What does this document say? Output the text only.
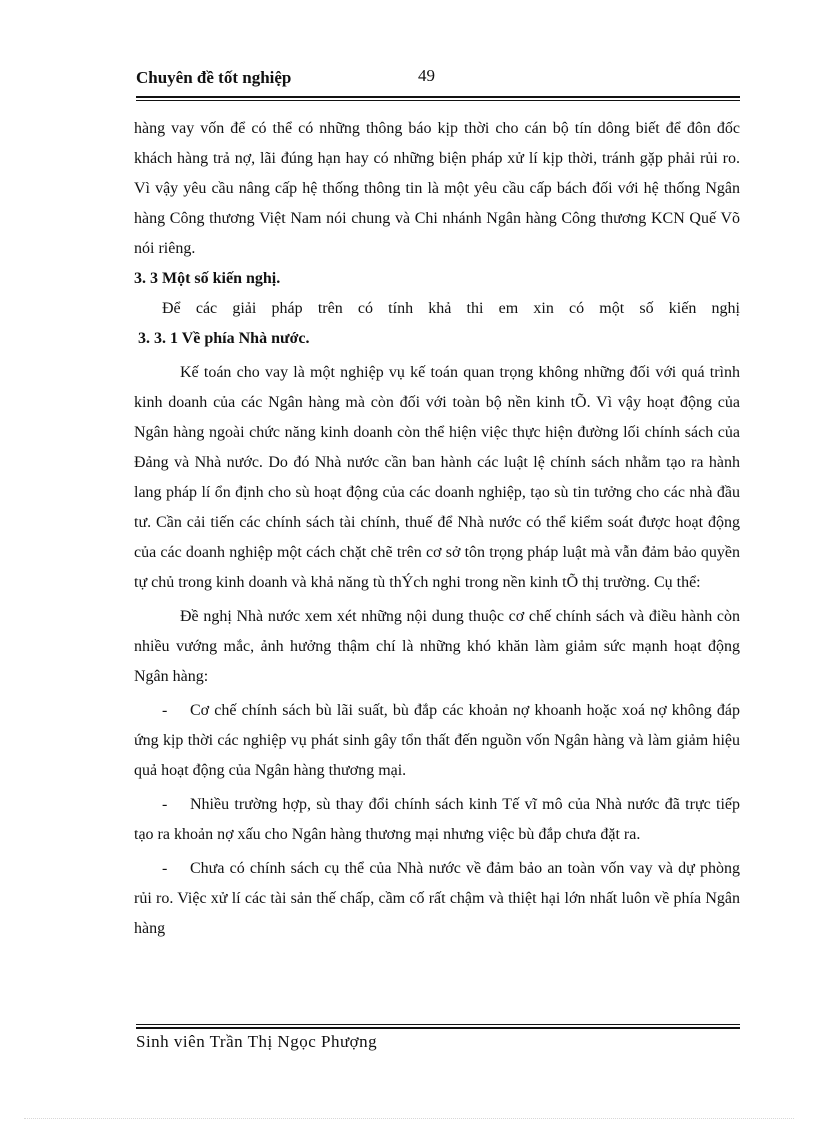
Chuyên đề tốt nghiệp	49

hàng vay vốn để có thể có những thông báo kịp thời cho cán bộ tín dông biết để đôn đốc khách hàng trả nợ, lãi đúng hạn hay có những biện pháp xử lí kịp thời, tránh gặp phải rủi ro. Vì vậy yêu cầu nâng cấp hệ thống thông tin là một yêu cầu cấp bách đối với hệ thống Ngân hàng Công thương Việt Nam nói chung và Chi nhánh Ngân hàng Công thương KCN Quế Võ nói riêng.

3. 3 Một số kiến nghị.

Để các giải pháp trên có tính khả thi em xin có một số kiến nghị

3. 3. 1 Về phía Nhà nước.

Kế toán cho vay là một nghiệp vụ kế toán quan trọng không những đối với quá trình kinh doanh của các Ngân hàng mà còn đối với toàn bộ nền kinh tÕ. Vì vậy hoạt động của Ngân hàng ngoài chức năng kinh doanh còn thể hiện việc thực hiện đường lối chính sách của Đảng và Nhà nước. Do đó Nhà nước cần ban hành các luật lệ chính sách nhằm tạo ra hành lang pháp lí ổn định cho sù hoạt động của các doanh nghiệp, tạo sù tin tưởng cho các nhà đầu tư. Cần cải tiến các chính sách tài chính, thuế để Nhà nước có thể kiểm soát được hoạt động của các doanh nghiệp một cách chặt chẽ trên cơ sở tôn trọng pháp luật mà vẫn đảm bảo quyền tự chủ trong kinh doanh và khả năng tù thÝch nghi trong nền kinh tÕ thị trường. Cụ thể:

Đề nghị Nhà nước xem xét những nội dung thuộc cơ chế chính sách và điều hành còn nhiều vướng mắc, ảnh hưởng thậm chí là những khó khăn làm giảm sức mạnh hoạt động Ngân hàng:

- Cơ chế chính sách bù lãi suất, bù đắp các khoản nợ khoanh hoặc xoá nợ không đáp ứng kịp thời các nghiệp vụ phát sinh gây tổn thất đến nguồn vốn Ngân hàng và làm giảm hiệu quả hoạt động của Ngân hàng thương mại.

- Nhiều trường hợp, sù thay đổi chính sách kinh Tế vĩ mô của Nhà nước đã trực tiếp tạo ra khoản nợ xấu cho Ngân hàng thương mại nhưng việc bù đắp chưa đặt ra.

- Chưa có chính sách cụ thể của Nhà nước về đảm bảo an toàn vốn vay và dự phòng rủi ro. Việc xử lí các tài sản thế chấp, cầm cố rất chậm và thiệt hại lớn nhất luôn về phía Ngân hàng

Sinh viên Trần Thị Ngọc Phượng
